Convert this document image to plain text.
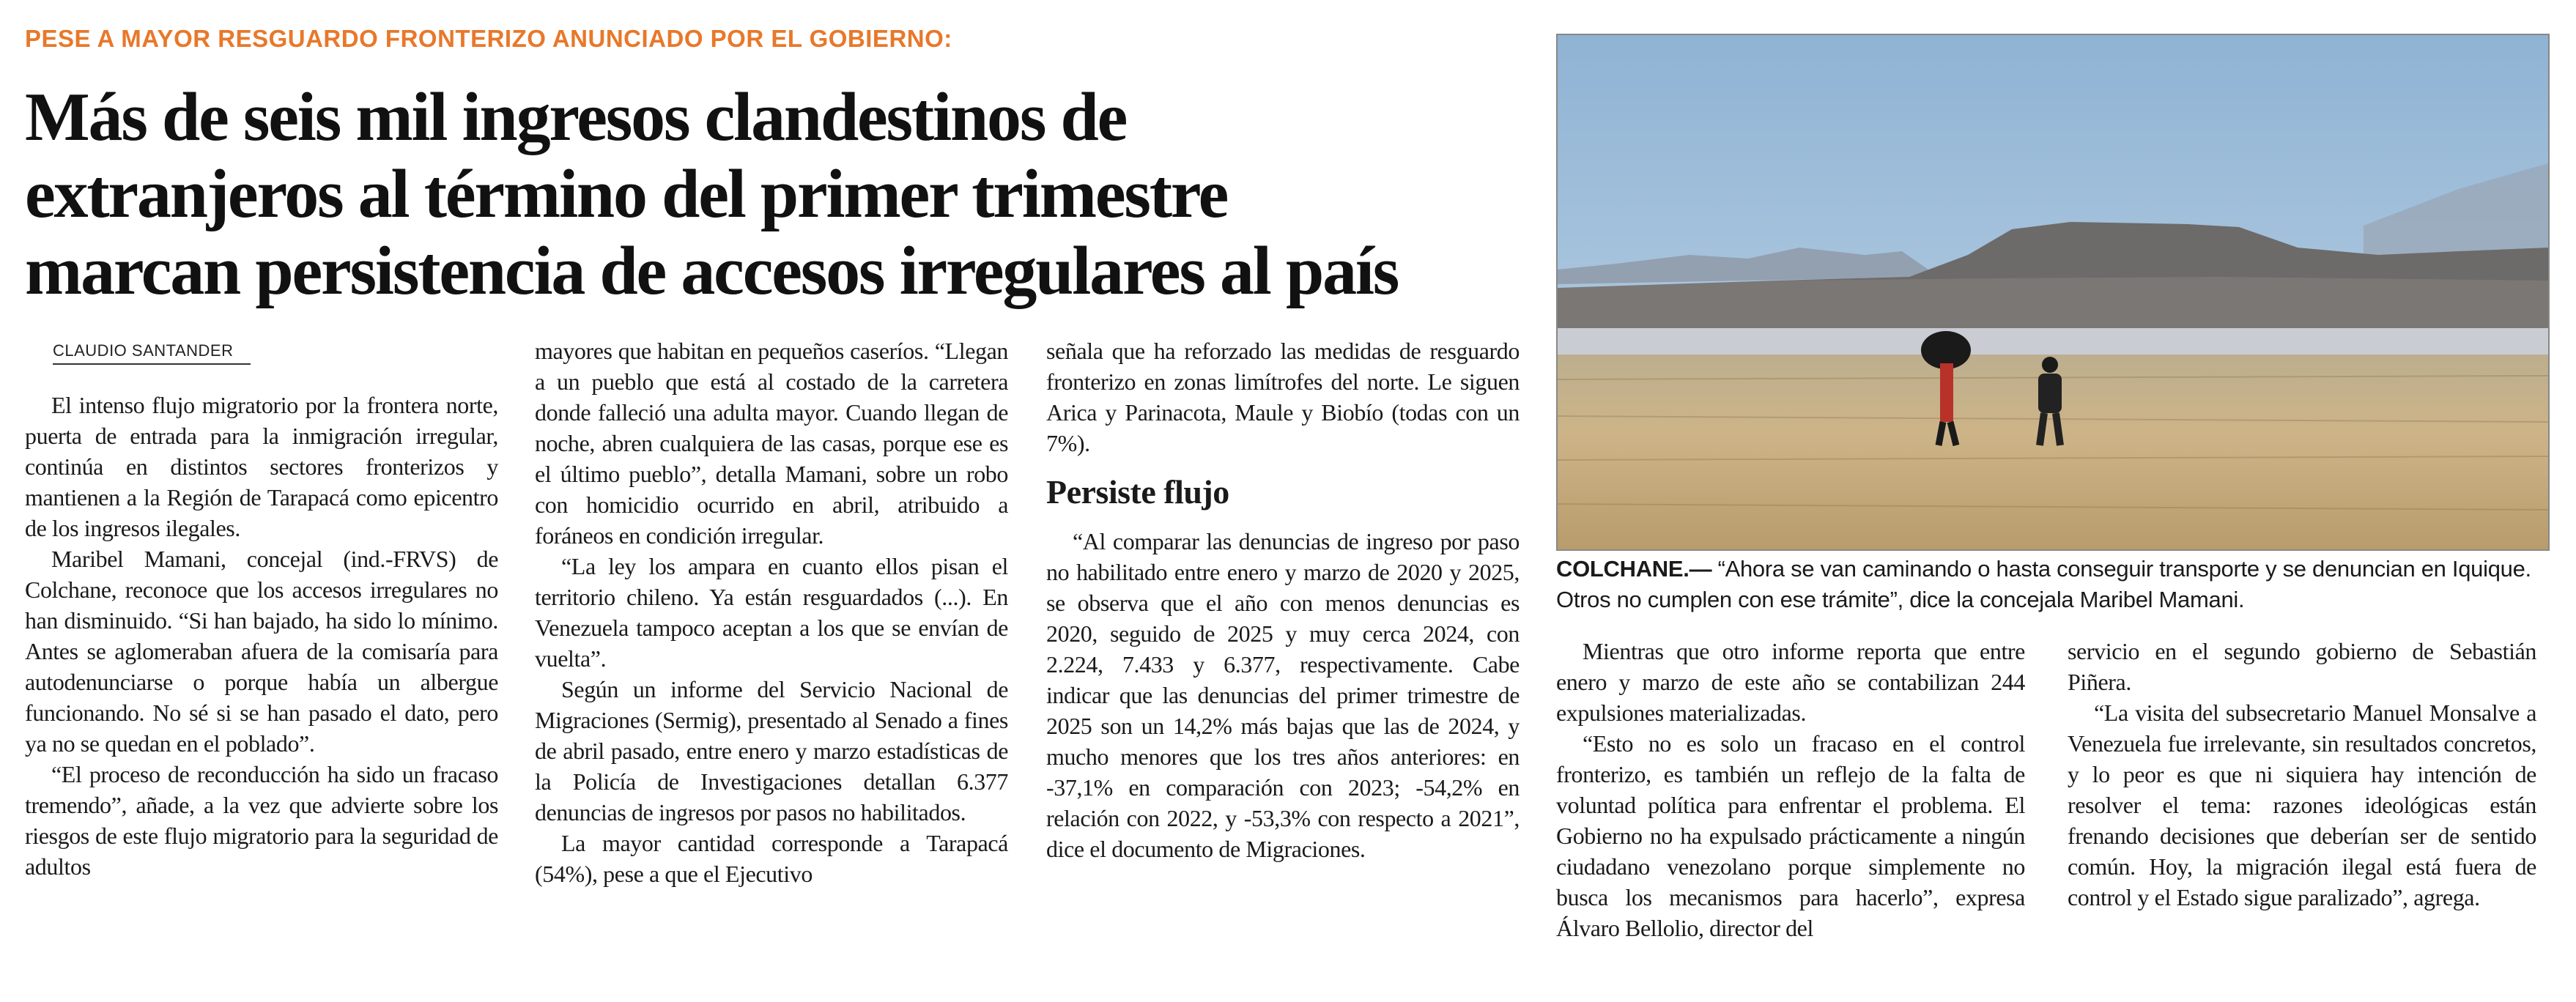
PESE A MAYOR RESGUARDO FRONTERIZO ANUNCIADO POR EL GOBIERNO:
Más de seis mil ingresos clandestinos de
extranjeros al término del primer trimestre
marcan persistencia de accesos irregulares al país
CLAUDIO SANTANDER

El intenso flujo migratorio por la frontera norte, puerta de entrada para la inmigración irregular, continúa en distintos sectores fronterizos y mantienen a la Región de Tarapacá como epicentro de los ingresos ilegales.

Maribel Mamani, concejal (ind.-FRVS) de Colchane, reconoce que los accesos irregulares no han disminuido. “Si han bajado, ha sido lo mínimo. Antes se aglomeraban afuera de la comisaría para autodenunciarse o porque había un albergue funcionando. No sé si se han pasado el dato, pero ya no se quedan en el poblado”.

“El proceso de reconducción ha sido un fracaso tremendo”, añade, a la vez que advierte sobre los riesgos de este flujo migratorio para la seguridad de adultos

mayores que habitan en pequeños caseríos. “Llegan a un pueblo que está al costado de la carretera donde falleció una adulta mayor. Cuando llegan de noche, abren cualquiera de las casas, porque ese es el último pueblo”, detalla Mamani, sobre un robo con homicidio ocurrido en abril, atribuido a foráneos en condición irregular.

“La ley los ampara en cuanto ellos pisan el territorio chileno. Ya están resguardados (...). En Venezuela tampoco aceptan a los que se envían de vuelta”.

Según un informe del Servicio Nacional de Migraciones (Sermig), presentado al Senado a fines de abril pasado, entre enero y marzo estadísticas de la Policía de Investigaciones detallan 6.377 denuncias de ingresos por pasos no habilitados.

La mayor cantidad corresponde a Tarapacá (54%), pese a que el Ejecutivo

señala que ha reforzado las medidas de resguardo fronterizo en zonas limítrofes del norte. Le siguen Arica y Parinacota, Maule y Biobío (todas con un 7%).

Persiste flujo

“Al comparar las denuncias de ingreso por paso no habilitado entre enero y marzo de 2020 y 2025, se observa que el año con menos denuncias es 2020, seguido de 2025 y muy cerca 2024, con 2.224, 7.433 y 6.377, respectivamente. Cabe indicar que las denuncias del primer trimestre de 2025 son un 14,2% más bajas que las de 2024, y mucho menores que los tres años anteriores: en -37,1% en comparación con 2023; -54,2% en relación con 2022, y -53,3% con respecto a 2021”, dice el documento de Migraciones.

COLCHANE.— “Ahora se van caminando o hasta conseguir transporte y se denuncian en Iquique. Otros no cumplen con ese trámite”, dice la concejala Maribel Mamani.

Mientras que otro informe reporta que entre enero y marzo de este año se contabilizan 244 expulsiones materializadas.

“Esto no es solo un fracaso en el control fronterizo, es también un reflejo de la falta de voluntad política para enfrentar el problema. El Gobierno no ha expulsado prácticamente a ningún ciudadano venezolano porque simplemente no busca los mecanismos para hacerlo”, expresa Álvaro Bellolio, director del

servicio en el segundo gobierno de Sebastián Piñera.

“La visita del subsecretario Manuel Monsalve a Venezuela fue irrelevante, sin resultados concretos, y lo peor es que ni siquiera hay intención de resolver el tema: razones ideológicas están frenando decisiones que deberían ser de sentido común. Hoy, la migración ilegal está fuera de control y el Estado sigue paralizado”, agrega.
